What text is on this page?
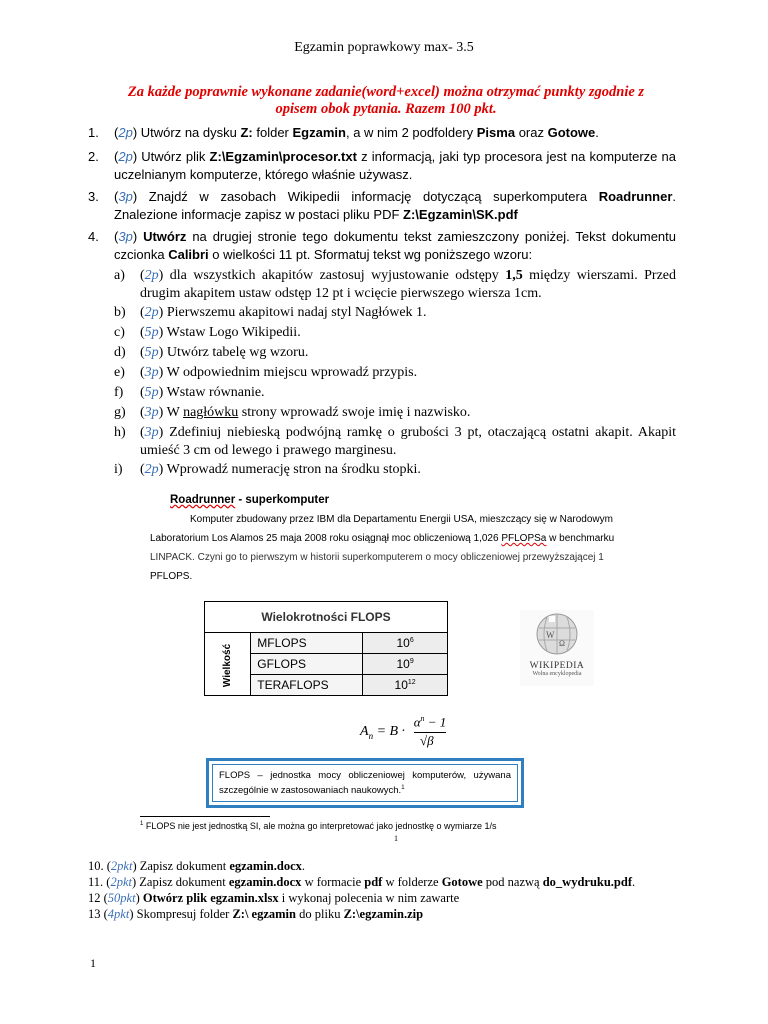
Egzamin poprawkowy max- 3.5
Za każde poprawnie wykonane zadanie(word+excel) można otrzymać punkty zgodnie z opisem obok pytania. Razem 100 pkt.
1.	(2p) Utwórz na dysku Z: folder Egzamin, a w nim 2 podfoldery Pisma oraz Gotowe.
2.	(2p) Utwórz plik Z:\Egzamin\procesor.txt z informacją, jaki typ procesora jest na komputerze na uczelnianym komputerze, którego właśnie używasz.
3.	(3p) Znajdź w zasobach Wikipedii informację dotyczącą superkomputera Roadrunner. Znalezione informacje zapisz w postaci pliku PDF Z:\Egzamin\SK.pdf
4.	(3p) Utwórz na drugiej stronie tego dokumentu tekst zamieszczony poniżej. Tekst dokumentu czcionka Calibri o wielkości 11 pt. Sformatuj tekst wg poniższego wzoru:
a)	(2p) dla wszystkich akapitów zastosuj wyjustowanie odstępy 1,5 między wierszami. Przed drugim akapitem ustaw odstęp 12 pt i wcięcie pierwszego wiersza 1cm.
b)	(2p) Pierwszemu akapitowi nadaj styl Nagłówek 1.
c)	(5p) Wstaw Logo Wikipedii.
d)	(5p) Utwórz tabelę wg wzoru.
e)	(3p) W odpowiednim miejscu wprowadź przypis.
f)	(5p) Wstaw równanie.
g)	(3p) W nagłówku strony wprowadź swoje imię i nazwisko.
h)	(3p) Zdefiniuj niebieską podwójną ramkę o grubości 3 pt, otaczającą ostatni akapit. Akapit umieść 3 cm od lewego i prawego marginesu.
i)	(2p) Wprowadź numerację stron na środku stopki.
Roadrunner - superkomputer
Komputer zbudowany przez IBM dla Departamentu Energii USA, mieszczący się w Narodowym
Laboratorium Los Alamos 25 maja 2008 roku osiągnął moc obliczeniową 1,026 PFLOPSa w benchmarku
LINPACK. Czyni go to pierwszym w historii superkomputerem o mocy obliczeniowej przewyższającej 1
PFLOPS.
Wielokrotności FLOPS		
Wielkość	MFLOPS	$10^6$
	GFLOPS	$10^9$
	TERAFLOPS	$10^{12}$
W
Ω
WIKIPEDIA
Wolna encyklopedia
$A_n = B$ ·
$\alpha^n - 1$
√β
FLOPS – jednostka mocy obliczeniowej komputerów, używana szczególnie w zastosowaniach naukowych.$^1$
$^1$ FLOPS nie jest jednostką SI, ale można go interpretować jako jednostkę o wymiarze 1/s
1
10. (2pkt) Zapisz dokument egzamin.docx.
11. (2pkt) Zapisz dokument egzamin.docx w formacie pdf w folderze Gotowe pod nazwą do_wydruku.pdf.
12 (50pkt) Otwórz plik egzamin.xlsx i wykonaj polecenia w nim zawarte
13 (4pkt) Skompresuj folder Z:\ egzamin do pliku Z:\egzamin.zip
1
